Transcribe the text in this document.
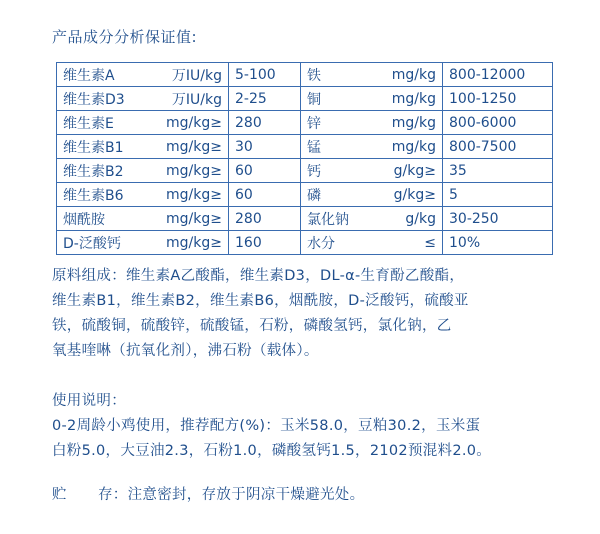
产品成分分析保证值:
维生素A 万IU/kg	5-100	铁 mg/kg	800-12000

维生素D3 万IU/kg	2-25	铜 mg/kg	100-1250

维生素E mg/kg≥	280	锌 mg/kg	800-6000

维生素B1 mg/kg≥	30	锰 mg/kg	800-7500

维生素B2 mg/kg≥	60	钙 g/kg≥	35

维生素B6 mg/kg≥	60	磷 g/kg≥	5

烟酰胺 mg/kg≥	280	氯化钠 g/kg	30-250

D-泛酸钙 mg/kg≥	160	水分 ≤	10%
原料组成：维生素A乙酸酯，维生素D3，DL-α-生育酚乙酸酯，
维生素B1，维生素B2，维生素B6，烟酰胺，D-泛酸钙，硫酸亚
铁，硫酸铜，硫酸锌，硫酸锰，石粉，磷酸氢钙，氯化钠，乙
氧基喹啉（抗氧化剂），沸石粉（载体）。
使用说明：
0-2周龄小鸡使用，推荐配方(%)：玉米58.0，豆粕30.2，玉米蛋
白粉5.0，大豆油2.3，石粉1.0，磷酸氢钙1.5，2102预混料2.0。
贮 存：注意密封，存放于阴凉干燥避光处。
